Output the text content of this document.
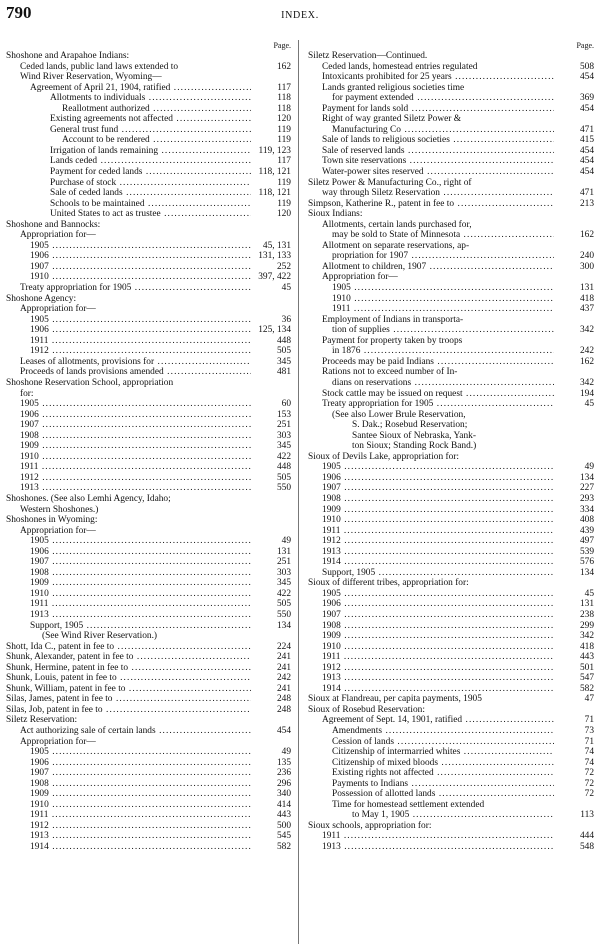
790	INDEX.
Page.
Shoshone and Arapahoe Indians:
Ceded lands, public land laws extended to	162
Wind River Reservation, Wyoming—
Agreement of April 21, 1904, ratified .....	117
Allotments to individuals .....	118
Reallotment authorized .....	118
Existing agreements not affected .....	120
General trust fund .....	119
Account to be rendered .....	119
Irrigation of lands remaining .....	119, 123
Lands ceded .....	117
Payment for ceded lands .....	118, 121
Purchase of stock .....	119
Sale of ceded lands .....	118, 121
Schools to be maintained .....	119
United States to act as trustee .....	120
Shoshone and Bannocks:
Appropriation for—
1905 .....	45, 131
1906 .....	131, 133
1907 .....	252
1910 .....	397, 422
Treaty appropriation for 1905 .....	45
Shoshone Agency:
Appropriation for—
1905 .....	36
1906 .....	125, 134
1911 .....	448
1912 .....	505
Leases of allotments, provisions for .....	345
Proceeds of lands provisions amended .....	481
Shoshone Reservation School, appropriation
for:
1905 .....	60
1906 .....	153
1907 .....	251
1908 .....	303
1909 .....	345
1910 .....	422
1911 .....	448
1912 .....	505
1913 .....	550
Shoshones. (See also Lemhi Agency, Idaho;
Western Shoshones.)
Shoshones in Wyoming:
Appropriation for—
1905 .....	49
1906 .....	131
1907 .....	251
1908 .....	303
1909 .....	345
1910 .....	422
1911 .....	505
1913 .....	550
Support, 1905 .....	134
(See Wind River Reservation.)
Shott, Ida C., patent in fee to .....	224
Shunk, Alexander, patent in fee to .....	241
Shunk, Hermine, patent in fee to .....	241
Shunk, Louis, patent in fee to .....	242
Shunk, William, patent in fee to .....	241
Silas, James, patent in fee to .....	248
Silas, Job, patent in fee to .....	248
Siletz Reservation:
Act authorizing sale of certain lands .....	454
Appropriation for—
1905 .....	49
1906 .....	135
1907 .....	236
1908 .....	296
1909 .....	340
1910 .....	414
1911 .....	443
1912 .....	500
1913 .....	545
1914 .....	582
Page.
Siletz Reservation—Continued.
Ceded lands, homestead entries regulated	508
Intoxicants prohibited for 25 years .....	454
Lands granted religious societies time
for payment extended .....	369
Payment for lands sold .....	454
Right of way granted Siletz Power &
Manufacturing Co .....	471
Sale of lands to religious societies .....	415
Sale of reserved lands .....	454
Town site reservations .....	454
Water-power sites reserved .....	454
Siletz Power & Manufacturing Co., right of
way through Siletz Reservation .....	471
Simpson, Katherine R., patent in fee to .....	213
Sioux Indians:
Allotments, certain lands purchased for,
may be sold to State of Minnesota .....	162
Allotment on separate reservations, ap-
propriation for 1907 .....	240
Allotment to children, 1907 .....	300
Appropriation for—
1905 .....	131
1910 .....	418
1911 .....	437
Employment of Indians in transporta-
tion of supplies .....	342
Payment for property taken by troops
in 1876 .....	242
Proceeds may be paid Indians .....	162
Rations not to exceed number of In-
dians on reservations .....	342
Stock cattle may be issued on request .....	194
Treaty appropriation for 1905 .....	45
(See also Lower Brule Reservation,
S. Dak.; Rosebud Reservation;
Santee Sioux of Nebraska, Yank-
ton Sioux; Standing Rock Band.)
Sioux of Devils Lake, appropriation for:
1905 .....	49
1906 .....	134
1907 .....	227
1908 .....	293
1909 .....	334
1910 .....	408
1911 .....	439
1912 .....	497
1913 .....	539
1914 .....	576
Support, 1905 .....	134
Sioux of different tribes, appropriation for:
1905 .....	45
1906 .....	131
1907 .....	238
1908 .....	299
1909 .....	342
1910 .....	418
1911 .....	443
1912 .....	501
1913 .....	547
1914 .....	582
Sioux at Flandreau, per capita payments, 1905	47
Sioux of Rosebud Reservation:
Agreement of Sept. 14, 1901, ratified .....	71
Amendments .....	73
Cession of lands .....	71
Citizenship of intermarried whites .....	74
Citizenship of mixed bloods .....	74
Existing rights not affected .....	72
Payments to Indians .....	72
Possession of allotted lands .....	72
Time for homestead settlement extended
to May 1, 1905 .....	113
Sioux schools, appropriation for:
1911 .....	444
1913 .....	548
